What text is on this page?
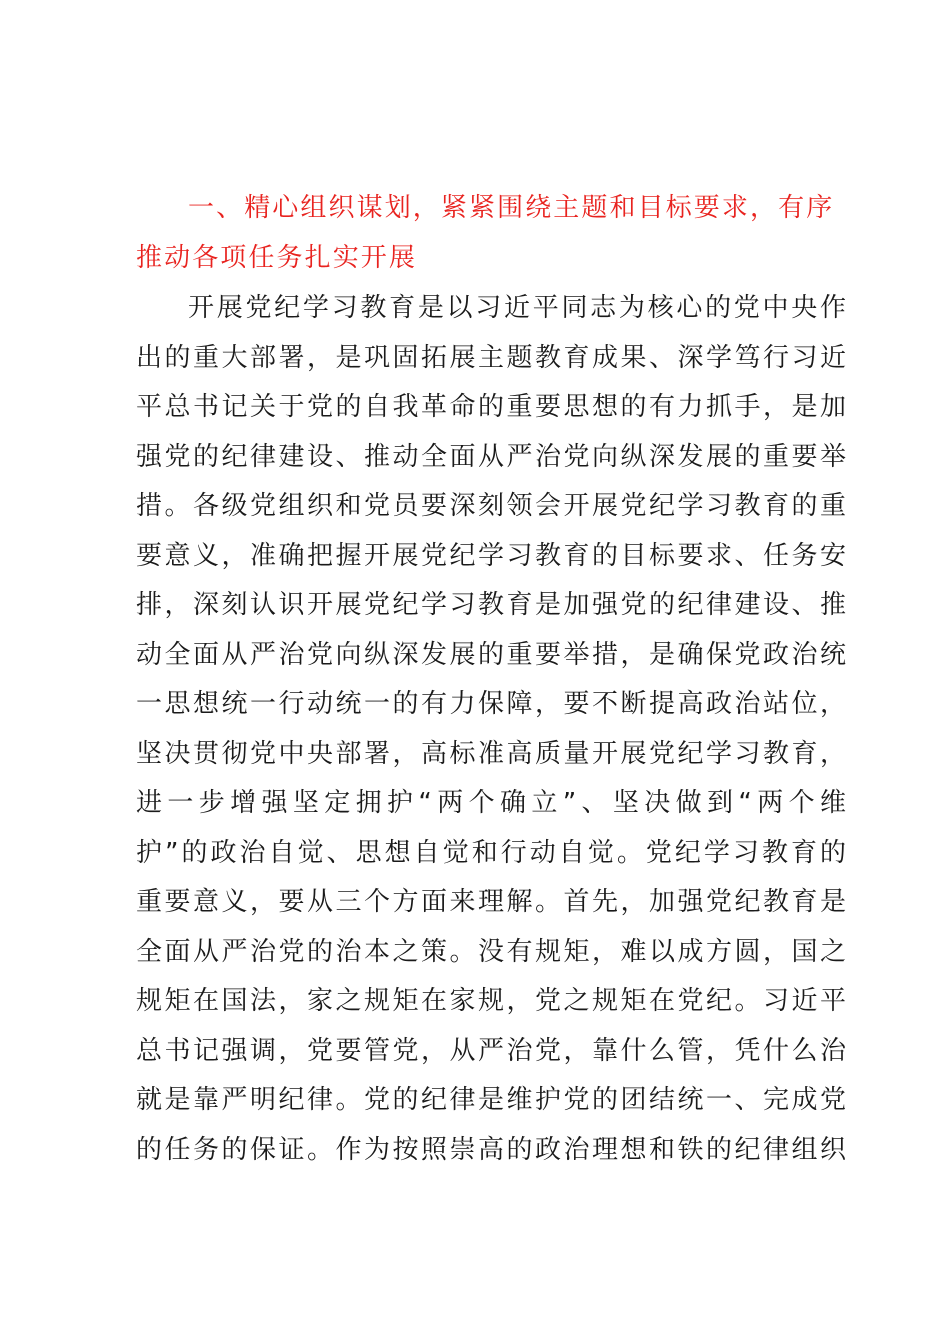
一、精心组织谋划，紧紧围绕主题和目标要求，有序
推动各项任务扎实开展
开展党纪学习教育是以习近平同志为核心的党中央作
出的重大部署，是巩固拓展主题教育成果、深学笃行习近
平总书记关于党的自我革命的重要思想的有力抓手，是加
强党的纪律建设、推动全面从严治党向纵深发展的重要举
措。各级党组织和党员要深刻领会开展党纪学习教育的重
要意义，准确把握开展党纪学习教育的目标要求、任务安
排，深刻认识开展党纪学习教育是加强党的纪律建设、推
动全面从严治党向纵深发展的重要举措，是确保党政治统
一思想统一行动统一的有力保障，要不断提高政治站位，
坚决贯彻党中央部署，高标准高质量开展党纪学习教育，
进一步增强坚定拥护“两个确立”、坚决做到“两个维
护”的政治自觉、思想自觉和行动自觉。党纪学习教育的
重要意义，要从三个方面来理解。首先，加强党纪教育是
全面从严治党的治本之策。没有规矩，难以成方圆，国之
规矩在国法，家之规矩在家规，党之规矩在党纪。习近平
总书记强调，党要管党，从严治党，靠什么管，凭什么治
就是靠严明纪律。党的纪律是维护党的团结统一、完成党
的任务的保证。作为按照崇高的政治理想和铁的纪律组织
